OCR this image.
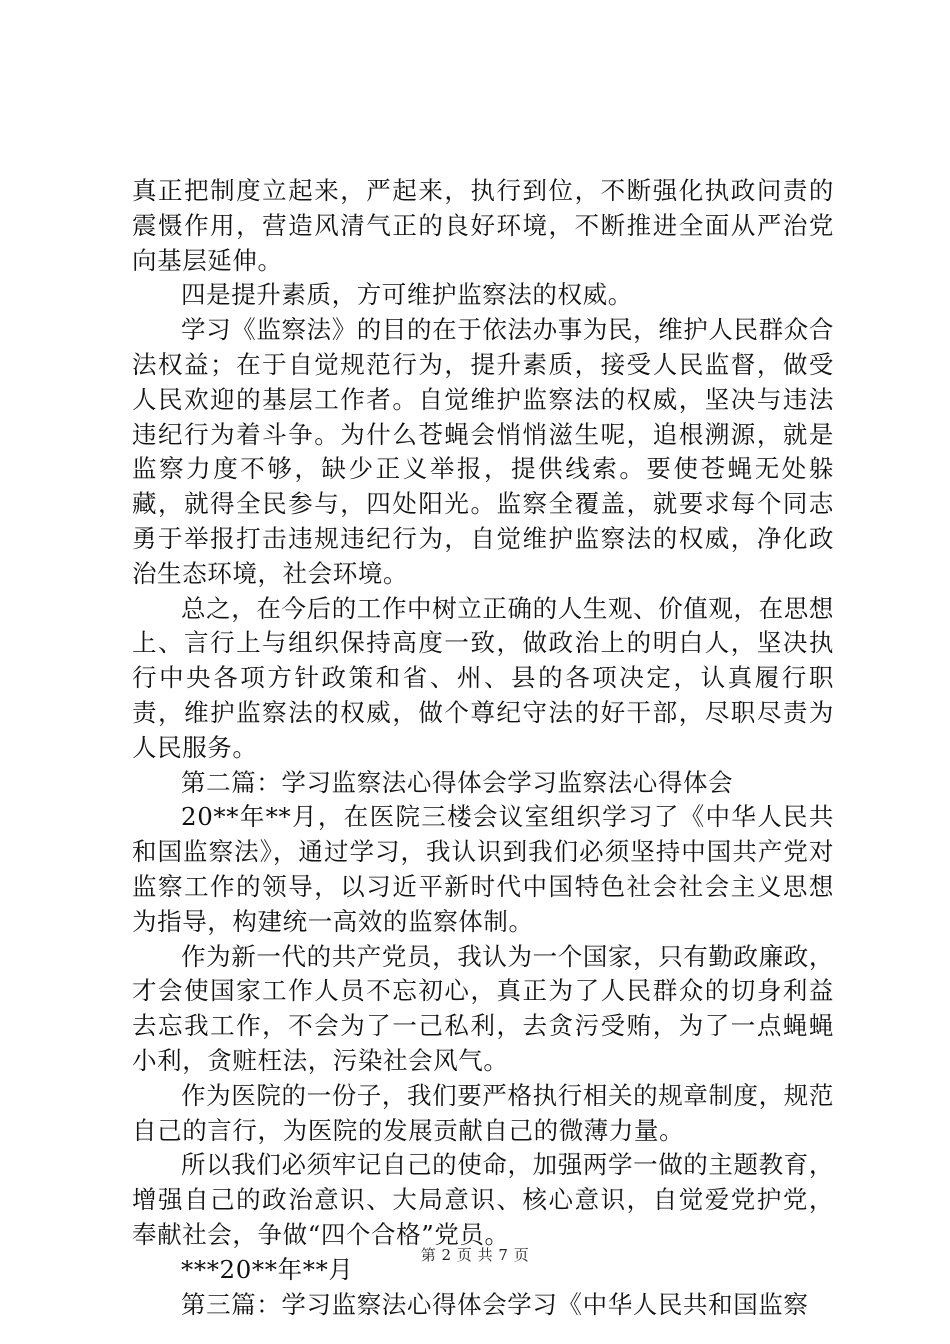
真正把制度立起来，严起来，执行到位，不断强化执政问责的震慑作用，营造风清气正的良好环境，不断推进全面从严治党向基层延伸。

四是提升素质，方可维护监察法的权威。

学习《监察法》的目的在于依法办事为民，维护人民群众合法权益；在于自觉规范行为，提升素质，接受人民监督，做受人民欢迎的基层工作者。自觉维护监察法的权威，坚决与违法违纪行为着斗争。为什么苍蝇会悄悄滋生呢，追根溯源，就是监察力度不够，缺少正义举报，提供线索。要使苍蝇无处躲藏，就得全民参与，四处阳光。监察全覆盖，就要求每个同志勇于举报打击违规违纪行为，自觉维护监察法的权威，净化政治生态环境，社会环境。

总之，在今后的工作中树立正确的人生观、价值观，在思想上、言行上与组织保持高度一致，做政治上的明白人，坚决执行中央各项方针政策和省、州、县的各项决定，认真履行职责，维护监察法的权威，做个尊纪守法的好干部，尽职尽责为人民服务。

第二篇：学习监察法心得体会学习监察法心得体会

20**年**月，在医院三楼会议室组织学习了《中华人民共和国监察法》，通过学习，我认识到我们必须坚持中国共产党对监察工作的领导，以习近平新时代中国特色社会社会主义思想为指导，构建统一高效的监察体制。

作为新一代的共产党员，我认为一个国家，只有勤政廉政，才会使国家工作人员不忘初心，真正为了人民群众的切身利益去忘我工作，不会为了一己私利，去贪污受贿，为了一点蝇蝇小利，贪赃枉法，污染社会风气。

作为医院的一份子，我们要严格执行相关的规章制度，规范自己的言行，为医院的发展贡献自己的微薄力量。

所以我们必须牢记自己的使命，加强两学一做的主题教育，增强自己的政治意识、大局意识、核心意识，自觉爱党护党，奉献社会，争做“四个合格”党员。

***20**年**月

第三篇：学习监察法心得体会学习《中华人民共和国监察

第 2 页 共 7 页
